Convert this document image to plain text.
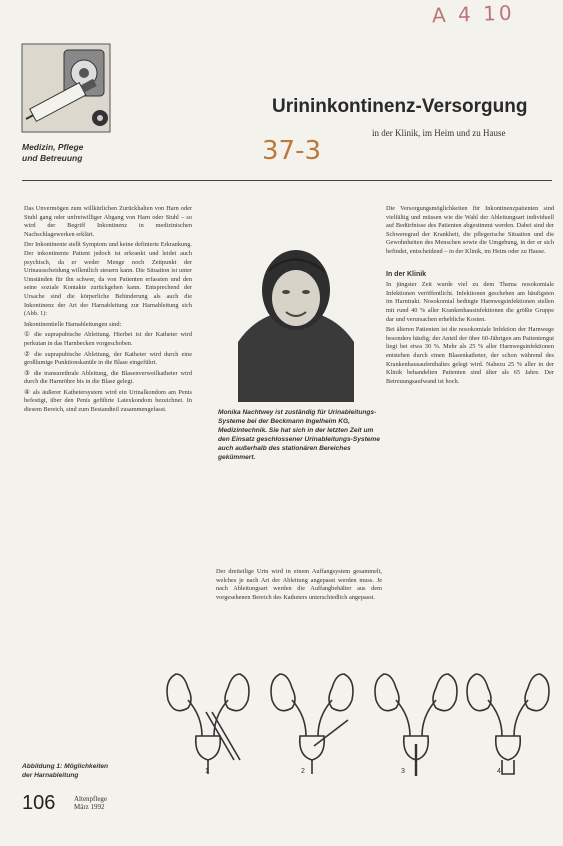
A 4 10
37-3
Medizin, Pflege
und Betreuung
Urininkontinenz-Versorgung
in der Klinik, im Heim und zu Hause

Das Unvermögen zum willkürlichen Zurückhalten von Harn oder Stuhl gang oder unfreiwilliger Abgang von Harn oder Stuhl – so wird der Begriff Inkontinenz in medizinischen Nachschlagewerken erklärt.

Der Inkontinente stellt Symptom und keine definierte Erkrankung. Der inkontinente Patient jedoch ist erkrankt und leidet auch psychisch, da er weder Menge noch Zeitpunkt der Urinausscheidung willentlich steuern kann. Die Situation ist unter Umständen für ihn schwer, da von Patienten erfassten und den seine soziale Kontakte zurückgehen kann. Entsprechend der Ursache sind die körperliche Behinderung als auch die Inkontinenz der Art der Harnableitung zur Harnableitung sich (Abb. 1):

Inkontinentielle Harnableitungen sind:

① die suprapubische Ableitung. Hierbei ist der Katheter wird perkutan in das Harnbecken vorgeschoben.

② die suprapubische Ableitung, der Katheter wird durch eine großlumige Punktionskanüle in die Blase eingeführt.

③ die transurethrale Ableitung, die Blasenverweilkatheter wird durch die Harnröhre bis in die Blase gelegt.

④ als äußerer Kathetersystem wird ein Urinalkondom am Penis befestigt, über den Penis geführte Latexkondom bezeichnet. In diesem Bereich, sind zum Bestandteil zusammengefasst.	Monika Nachtwey ist zuständig für Urinableitungs-Systeme bei der Beckmann Ingelheim KG, Medizintechnik. Sie hat sich in der letzten Zeit um den Einsatz geschlossener Urinableitungs-Systeme auch außerhalb des stationären Bereiches gekümmert.

Der dreiteilige Urin wird in einem Auffangsystem gesammelt, welches je nach Art der Ableitung angepasst werden muss. Je nach Ableitungsart werden die Auffangbehälter aus dem vorgesehenen Bereich des Katheters unterschiedlich angepasst.

Die Versorgungsmöglichkeiten für Inkontinenzpatienten sind vielfältig und müssen wie die Wahl der Ableitungsart individuell auf Bedürfnisse des Patienten abgestimmt werden. Dabei sind der Schweregrad der Krankheit, die pflegerische Situation und die Gewohnheiten des Menschen sowie die Umgebung, in der er sich befindet, entscheidend – in der Klinik, im Heim oder zu Hause.

In der Klinik

In jüngster Zeit wurde viel zu dem Thema nosokomiale Infektionen veröffentlicht. Infektionen geschehen am häufigsten im Harntrakt. Nosokomial bedingte Harnwegsinfektionen stellen mit rund 40 % aller Krankenhausinfektionen die größte Gruppe dar und verursachen erhebliche Kosten.

Bei älteren Patienten ist die nosokomiale Infektion der Harnwege besonders häufig; der Anteil der über 60-Jährigen am Patientengut liegt bei etwa 30 %. Mehr als 25 % aller Harnwegsinfektionen entstehen durch einen Blasenkatheter, der schon während des Krankenhausaufenthaltes gelegt wird. Nahezu 25 % aller in der Klinik behandelten Patienten sind älter als 65 Jahre. Der Betreuungsaufwand ist hoch.

1	2	3	4
Abbildung 1: Möglichkeiten
der Harnableitung
106	Altenpflege
März 1992
